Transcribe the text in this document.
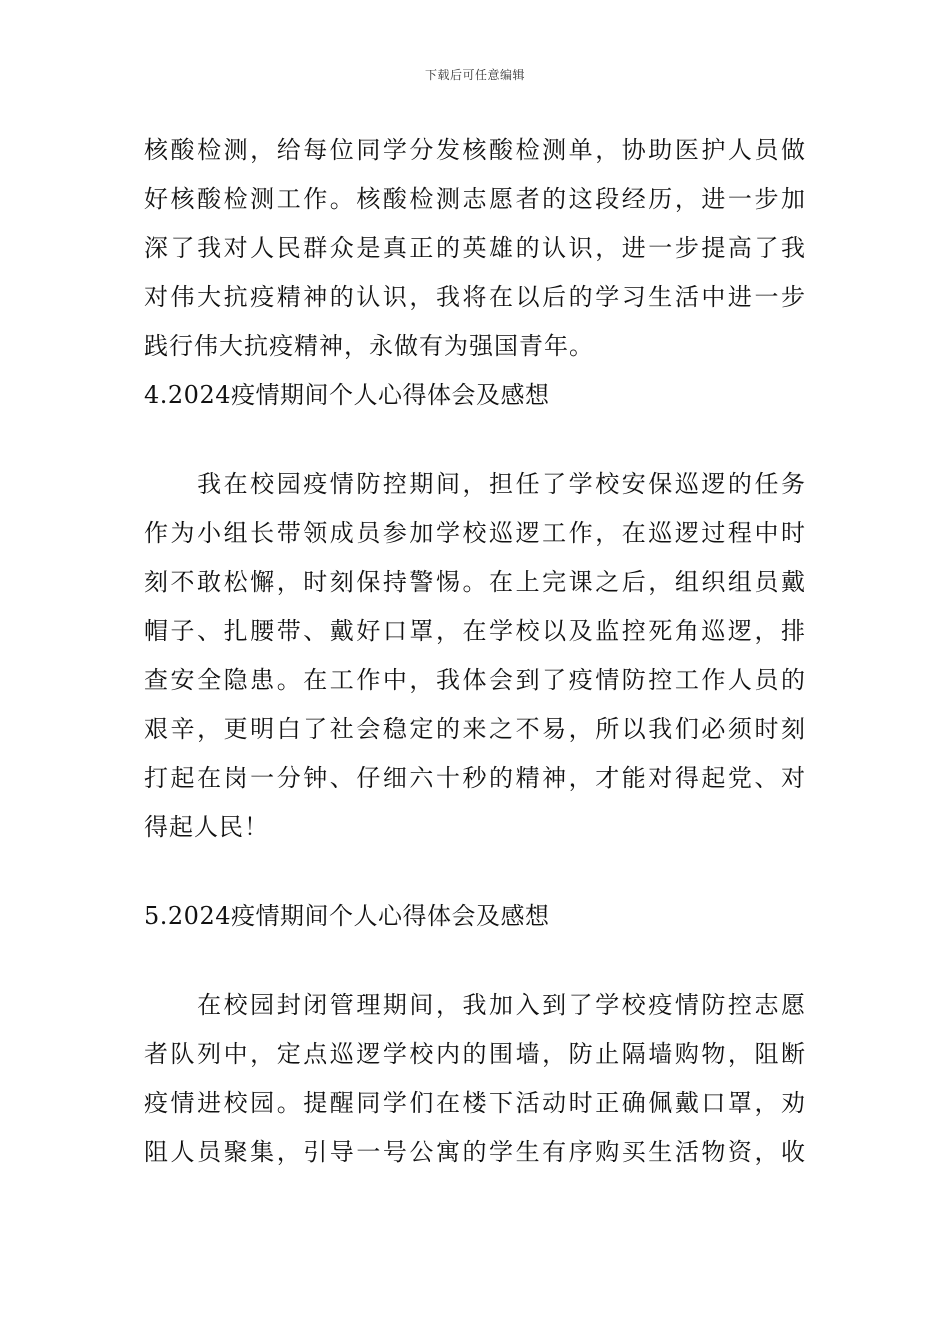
下载后可任意编辑

核酸检测，给每位同学分发核酸检测单，协助医护人员做
好核酸检测工作。核酸检测志愿者的这段经历，进一步加
深了我对人民群众是真正的英雄的认识，进一步提高了我
对伟大抗疫精神的认识，我将在以后的学习生活中进一步
践行伟大抗疫精神，永做有为强国青年。

4.2024疫情期间个人心得体会及感想

　　我在校园疫情防控期间，担任了学校安保巡逻的任务
作为小组长带领成员参加学校巡逻工作，在巡逻过程中时
刻不敢松懈，时刻保持警惕。在上完课之后，组织组员戴
帽子、扎腰带、戴好口罩，在学校以及监控死角巡逻，排
查安全隐患。在工作中，我体会到了疫情防控工作人员的
艰辛，更明白了社会稳定的来之不易，所以我们必须时刻
打起在岗一分钟、仔细六十秒的精神，才能对得起党、对
得起人民！

5.2024疫情期间个人心得体会及感想

　　在校园封闭管理期间，我加入到了学校疫情防控志愿
者队列中，定点巡逻学校内的围墙，防止隔墙购物，阻断
疫情进校园。提醒同学们在楼下活动时正确佩戴口罩，劝
阻人员聚集，引导一号公寓的学生有序购买生活物资，收
